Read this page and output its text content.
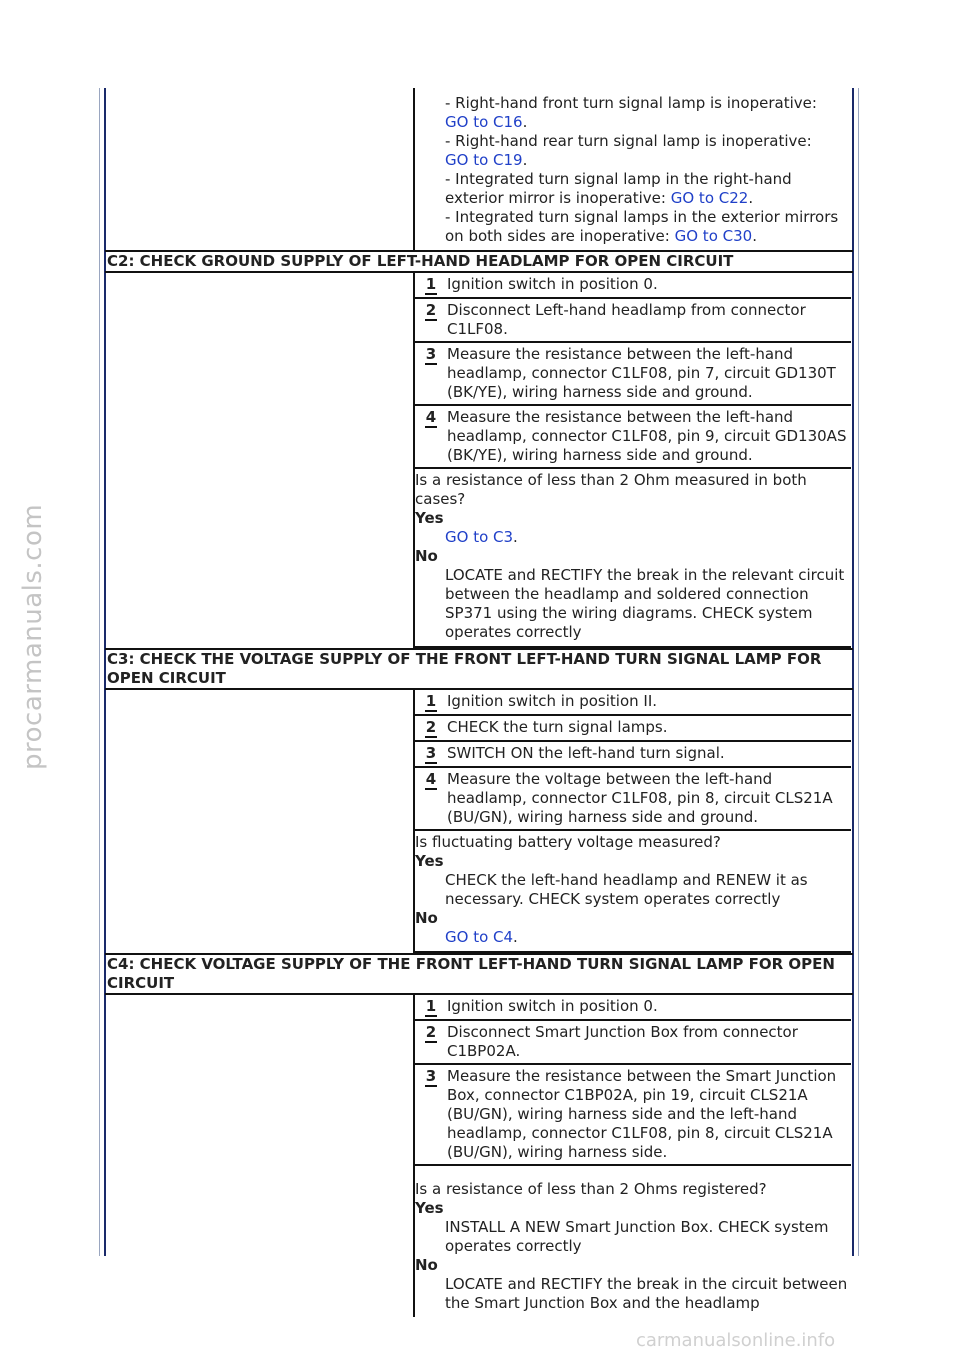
- Right-hand front turn signal lamp is inoperative:
GO to C16.
- Right-hand rear turn signal lamp is inoperative:
GO to C19.
- Integrated turn signal lamp in the right-hand exterior mirror is inoperative: GO to C22.
- Integrated turn signal lamps in the exterior mirrors on both sides are inoperative: GO to C30.
C2: CHECK GROUND SUPPLY OF LEFT-HAND HEADLAMP FOR OPEN CIRCUIT
1 Ignition switch in position 0.
2 Disconnect Left-hand headlamp from connector C1LF08.
3 Measure the resistance between the left-hand headlamp, connector C1LF08, pin 7, circuit GD130T (BK/YE), wiring harness side and ground.
4 Measure the resistance between the left-hand headlamp, connector C1LF08, pin 9, circuit GD130AS (BK/YE), wiring harness side and ground.
Is a resistance of less than 2 Ohm measured in both cases?
Yes
GO to C3.
No
LOCATE and RECTIFY the break in the relevant circuit between the headlamp and soldered connection SP371 using the wiring diagrams. CHECK system operates correctly
C3: CHECK THE VOLTAGE SUPPLY OF THE FRONT LEFT-HAND TURN SIGNAL LAMP FOR OPEN CIRCUIT
1 Ignition switch in position II.
2 CHECK the turn signal lamps.
3 SWITCH ON the left-hand turn signal.
4 Measure the voltage between the left-hand headlamp, connector C1LF08, pin 8, circuit CLS21A (BU/GN), wiring harness side and ground.
Is fluctuating battery voltage measured?
Yes
CHECK the left-hand headlamp and RENEW it as necessary. CHECK system operates correctly
No
GO to C4.
C4: CHECK VOLTAGE SUPPLY OF THE FRONT LEFT-HAND TURN SIGNAL LAMP FOR OPEN CIRCUIT
1 Ignition switch in position 0.
2 Disconnect Smart Junction Box from connector C1BP02A.
3 Measure the resistance between the Smart Junction Box, connector C1BP02A, pin 19, circuit CLS21A (BU/GN), wiring harness side and the left-hand headlamp, connector C1LF08, pin 8, circuit CLS21A (BU/GN), wiring harness side.
Is a resistance of less than 2 Ohms registered?
Yes
INSTALL A NEW Smart Junction Box. CHECK system operates correctly
No
LOCATE and RECTIFY the break in the circuit between the Smart Junction Box and the headlamp
procarmanuals.com
carmanualsonline.info
